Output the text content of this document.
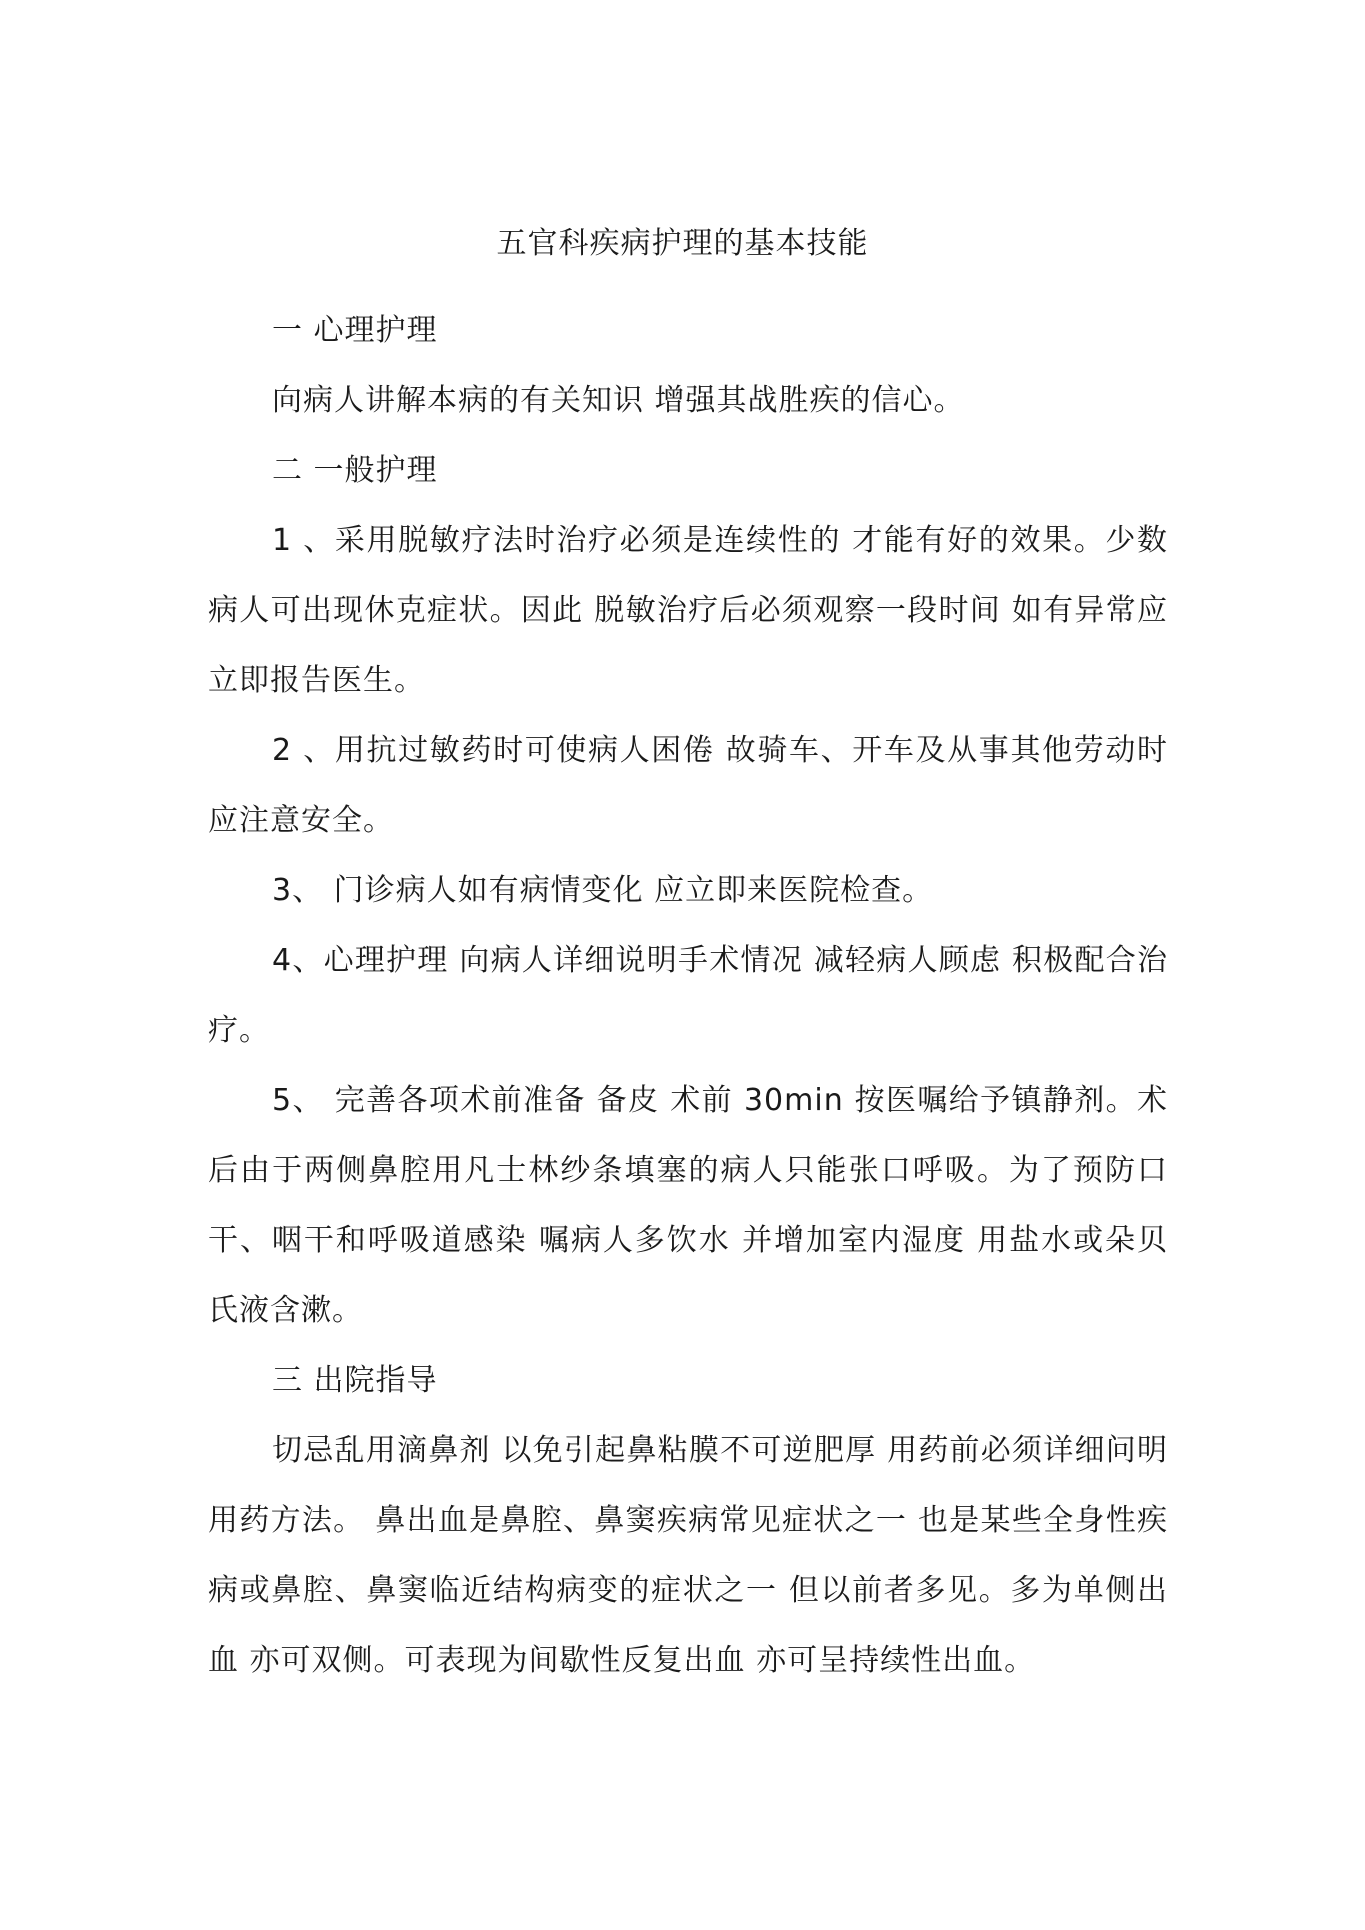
五官科疾病护理的基本技能

一 心理护理

向病人讲解本病的有关知识 增强其战胜疾的信心。

二 一般护理

1 、采用脱敏疗法时治疗必须是连续性的 才能有好的效果。少数病人可出现休克症状。因此 脱敏治疗后必须观察一段时间 如有异常应立即报告医生。

2 、用抗过敏药时可使病人困倦 故骑车、开车及从事其他劳动时应注意安全。

3、 门诊病人如有病情变化 应立即来医院检查。

4、心理护理 向病人详细说明手术情况 减轻病人顾虑 积极配合治疗。

5、 完善各项术前准备 备皮 术前 30min 按医嘱给予镇静剂。术后由于两侧鼻腔用凡士林纱条填塞的病人只能张口呼吸。为了预防口干、咽干和呼吸道感染 嘱病人多饮水 并增加室内湿度 用盐水或朵贝氏液含漱。

三 出院指导

切忌乱用滴鼻剂 以免引起鼻粘膜不可逆肥厚 用药前必须详细问明用药方法。 鼻出血是鼻腔、鼻窦疾病常见症状之一 也是某些全身性疾病或鼻腔、鼻窦临近结构病变的症状之一 但以前者多见。多为单侧出血 亦可双侧。可表现为间歇性反复出血 亦可呈持续性出血。
